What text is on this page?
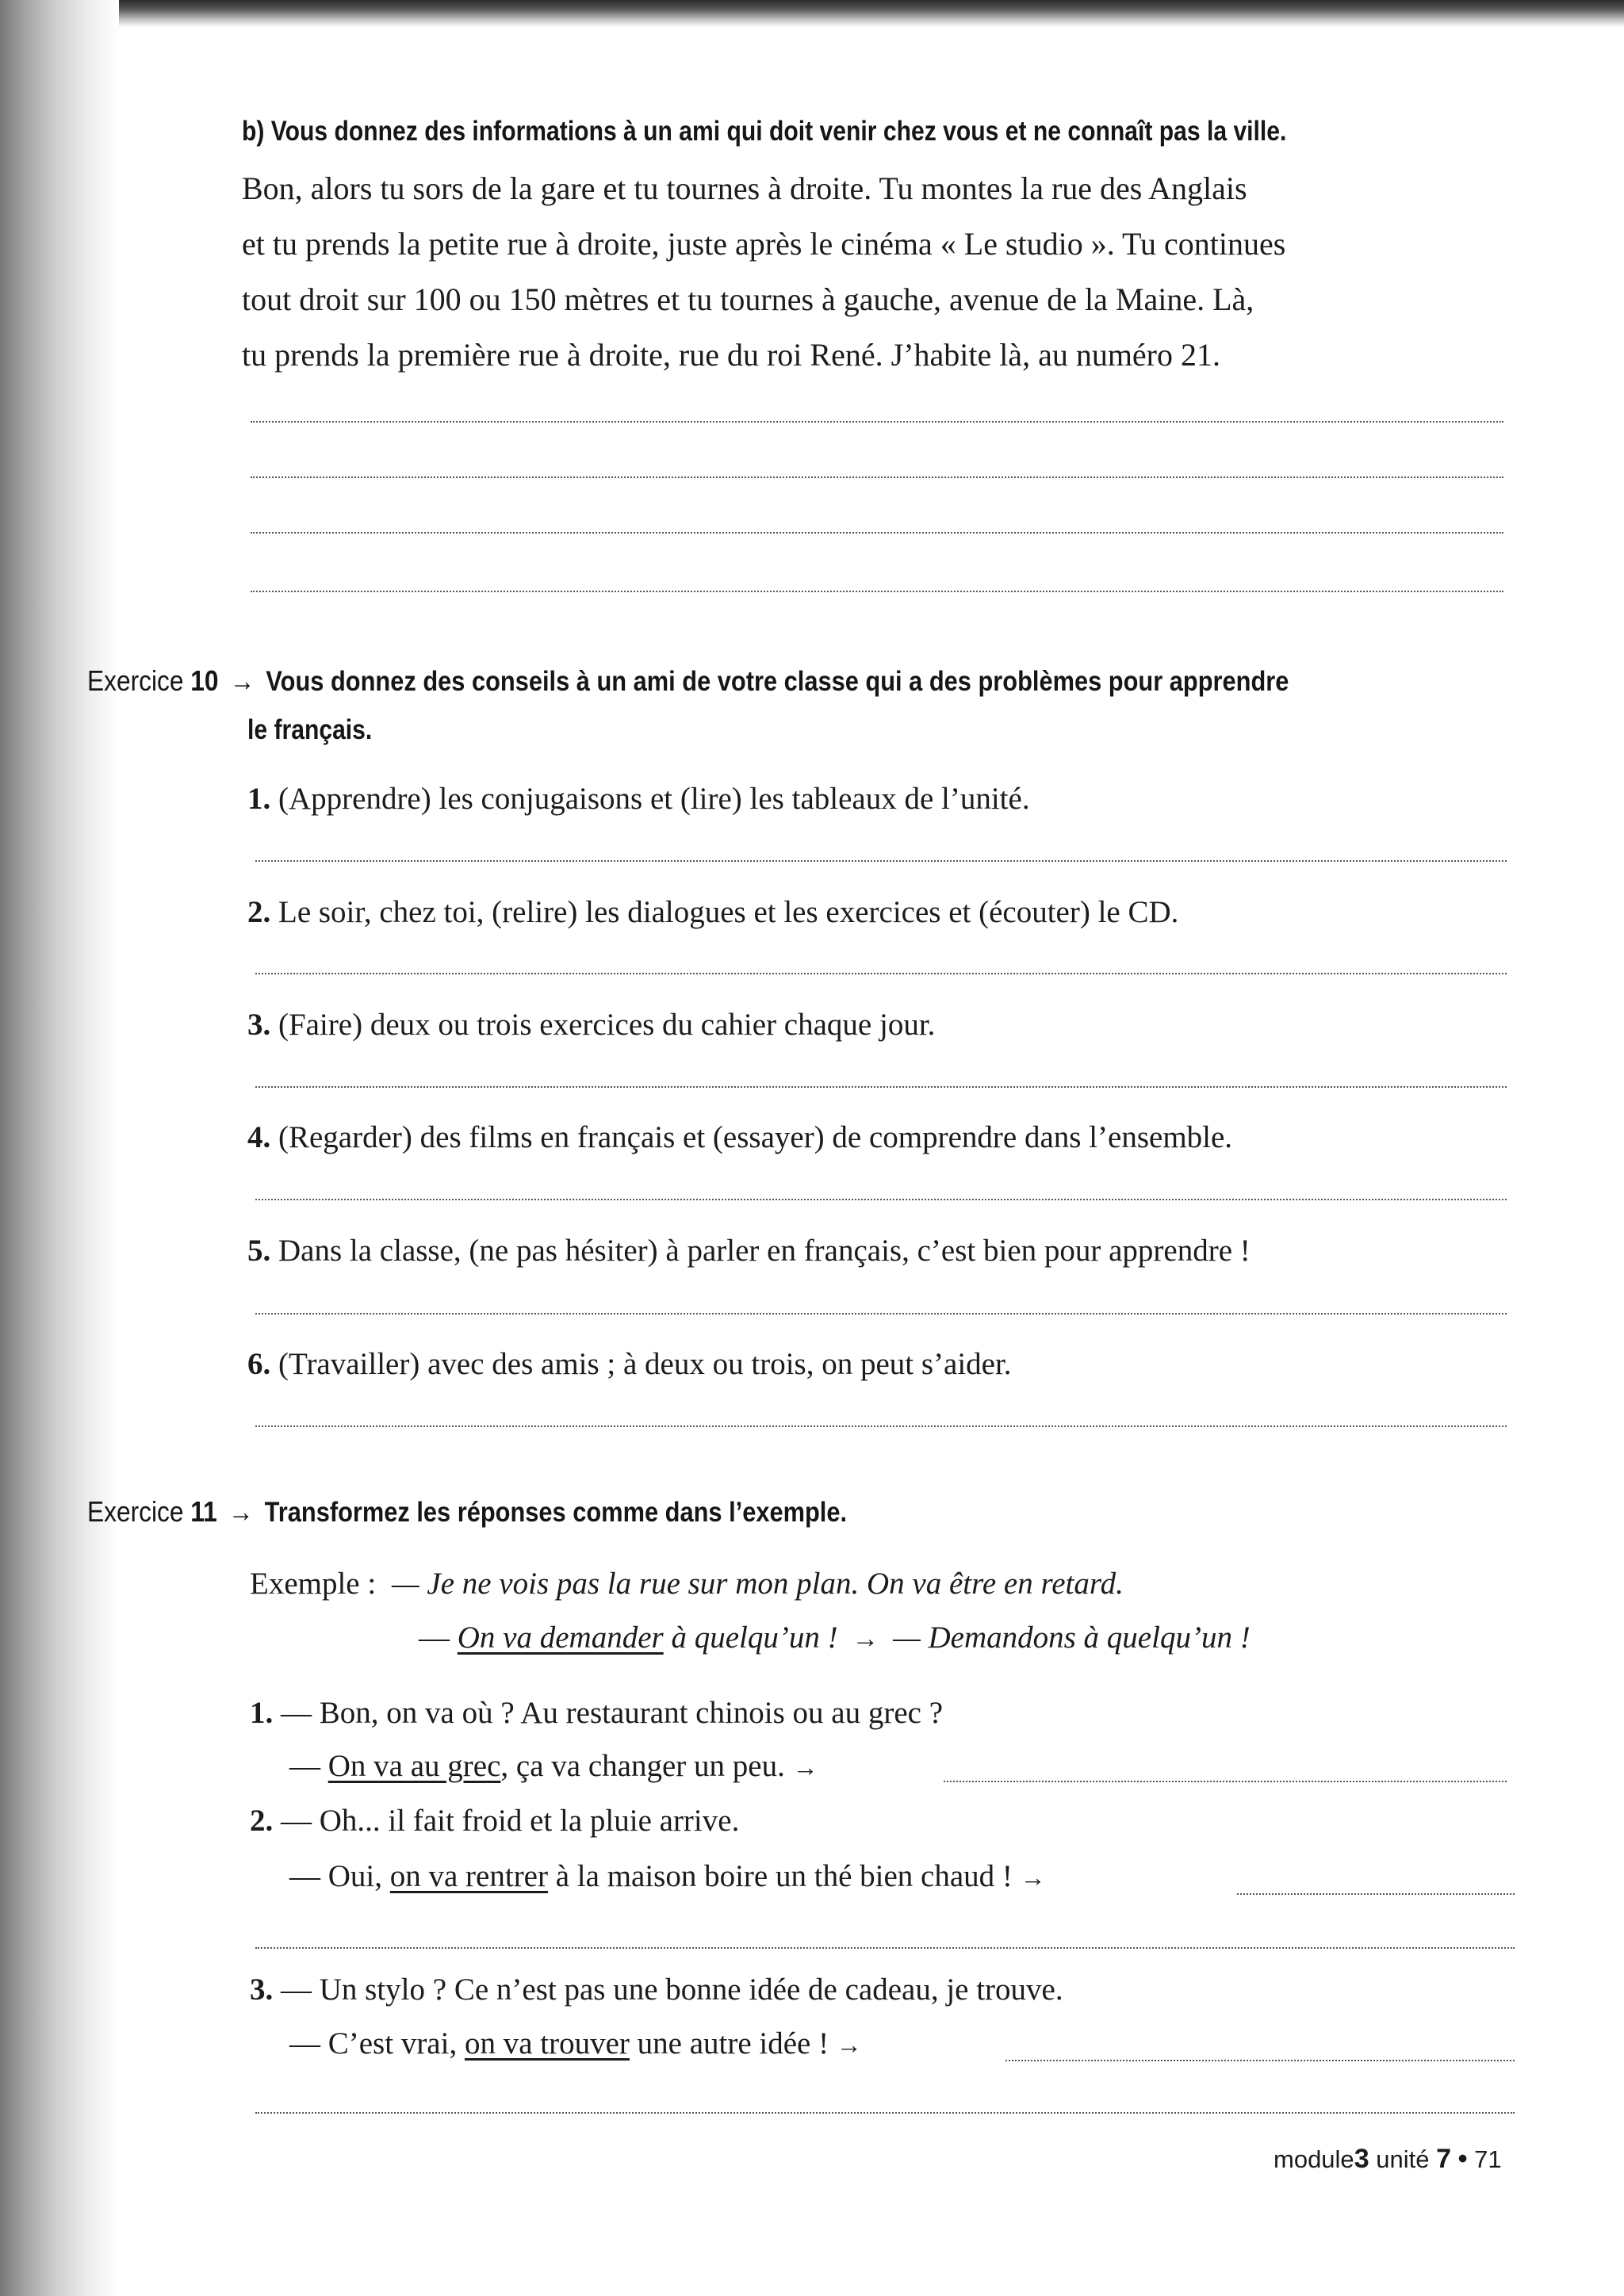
b) Vous donnez des informations à un ami qui doit venir chez vous et ne connaît pas la ville.
Bon, alors tu sors de la gare et tu tournes à droite. Tu montes la rue des Anglais
et tu prends la petite rue à droite, juste après le cinéma « Le studio ». Tu continues
tout droit sur 100 ou 150 mètres et tu tournes à gauche, avenue de la Maine. Là,
tu prends la première rue à droite, rue du roi René. J’habite là, au numéro 21.
Exercice 10 → Vous donnez des conseils à un ami de votre classe qui a des problèmes pour apprendre
le français.
1. (Apprendre) les conjugaisons et (lire) les tableaux de l’unité.
2. Le soir, chez toi, (relire) les dialogues et les exercices et (écouter) le CD.
3. (Faire) deux ou trois exercices du cahier chaque jour.
4. (Regarder) des films en français et (essayer) de comprendre dans l’ensemble.
5. Dans la classe, (ne pas hésiter) à parler en français, c’est bien pour apprendre !
6. (Travailler) avec des amis ; à deux ou trois, on peut s’aider.
Exercice 11 → Transformez les réponses comme dans l’exemple.
Exemple : — Je ne vois pas la rue sur mon plan. On va être en retard.
— On va demander à quelqu’un ! → — Demandons à quelqu’un !
1. — Bon, on va où ? Au restaurant chinois ou au grec ?
— On va au grec, ça va changer un peu. →
2. — Oh... il fait froid et la pluie arrive.
— Oui, on va rentrer à la maison boire un thé bien chaud ! →
3. — Un stylo ? Ce n’est pas une bonne idée de cadeau, je trouve.
— C’est vrai, on va trouver une autre idée ! →
module3 unité 7 • 71
